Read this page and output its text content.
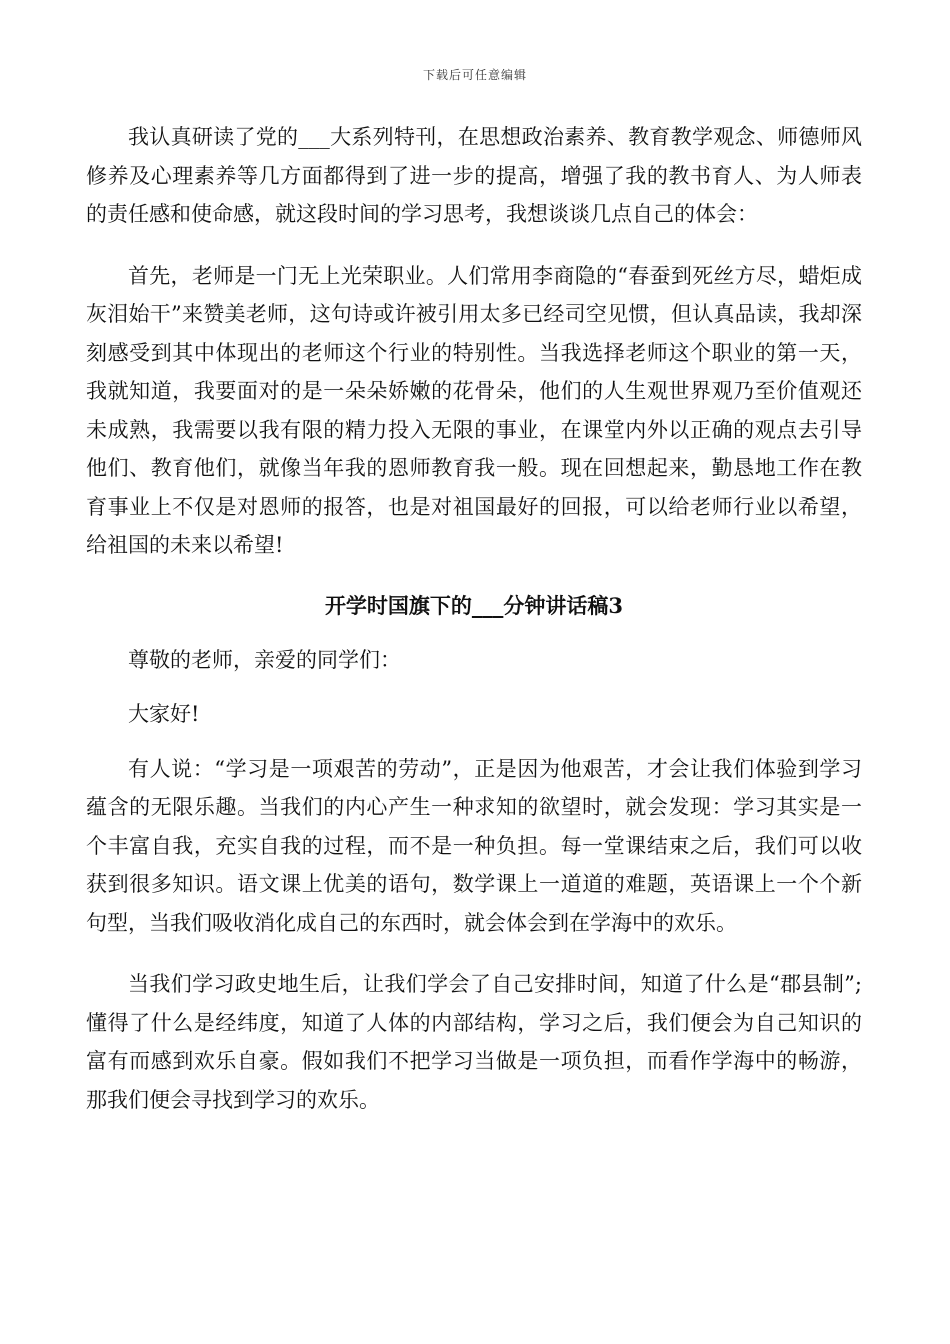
下载后可任意编辑

我认真研读了党的___大系列特刊，在思想政治素养、教育教学观念、师德师风修养及心理素养等几方面都得到了进一步的提高，增强了我的教书育人、为人师表的责任感和使命感，就这段时间的学习思考，我想谈谈几点自己的体会：

首先，老师是一门无上光荣职业。人们常用李商隐的“春蚕到死丝方尽，蜡炬成灰泪始干”来赞美老师，这句诗或许被引用太多已经司空见惯，但认真品读，我却深刻感受到其中体现出的老师这个行业的特别性。当我选择老师这个职业的第一天，我就知道，我要面对的是一朵朵娇嫩的花骨朵，他们的人生观世界观乃至价值观还未成熟，我需要以我有限的精力投入无限的事业，在课堂内外以正确的观点去引导他们、教育他们，就像当年我的恩师教育我一般。现在回想起来，勤恳地工作在教育事业上不仅是对恩师的报答，也是对祖国最好的回报，可以给老师行业以希望，给祖国的未来以希望!

开学时国旗下的___分钟讲话稿3

尊敬的老师，亲爱的同学们：

大家好!

有人说：“学习是一项艰苦的劳动”，正是因为他艰苦，才会让我们体验到学习蕴含的无限乐趣。当我们的内心产生一种求知的欲望时，就会发现：学习其实是一个丰富自我，充实自我的过程，而不是一种负担。每一堂课结束之后，我们可以收获到很多知识。语文课上优美的语句，数学课上一道道的难题，英语课上一个个新句型，当我们吸收消化成自己的东西时，就会体会到在学海中的欢乐。

当我们学习政史地生后，让我们学会了自己安排时间，知道了什么是“郡县制”;懂得了什么是经纬度，知道了人体的内部结构，学习之后，我们便会为自己知识的富有而感到欢乐自豪。假如我们不把学习当做是一项负担，而看作学海中的畅游，那我们便会寻找到学习的欢乐。
